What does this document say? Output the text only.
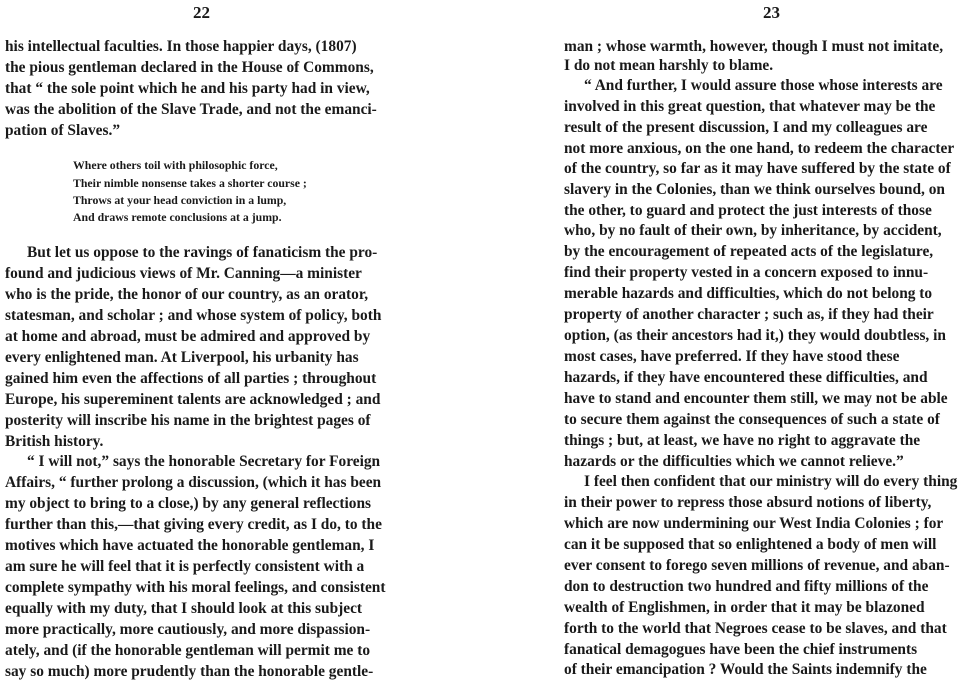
22
his intellectual faculties. In those happier days, (1807)
the pious gentleman declared in the House of Commons,
that “ the sole point which he and his party had in view,
was the abolition of the Slave Trade, and not the emanci-
pation of Slaves.”
Where others toil with philosophic force,
Their nimble nonsense takes a shorter course ;
Throws at your head conviction in a lump,
And draws remote conclusions at a jump.
But let us oppose to the ravings of fanaticism the pro-
found and judicious views of Mr. Canning—a minister
who is the pride, the honor of our country, as an orator,
statesman, and scholar ; and whose system of policy, both
at home and abroad, must be admired and approved by
every enlightened man. At Liverpool, his urbanity has
gained him even the affections of all parties ; throughout
Europe, his supereminent talents are acknowledged ; and
posterity will inscribe his name in the brightest pages of
British history.
“ I will not,” says the honorable Secretary for Foreign
Affairs, “ further prolong a discussion, (which it has been
my object to bring to a close,) by any general reflections
further than this,—that giving every credit, as I do, to the
motives which have actuated the honorable gentleman, I
am sure he will feel that it is perfectly consistent with a
complete sympathy with his moral feelings, and consistent
equally with my duty, that I should look at this subject
more practically, more cautiously, and more dispassion-
ately, and (if the honorable gentleman will permit me to
say so much) more prudently than the honorable gentle-
23
man ; whose warmth, however, though I must not imitate,
I do not mean harshly to blame.
“ And further, I would assure those whose interests are
involved in this great question, that whatever may be the
result of the present discussion, I and my colleagues are
not more anxious, on the one hand, to redeem the character
of the country, so far as it may have suffered by the state of
slavery in the Colonies, than we think ourselves bound, on
the other, to guard and protect the just interests of those
who, by no fault of their own, by inheritance, by accident,
by the encouragement of repeated acts of the legislature,
find their property vested in a concern exposed to innu-
merable hazards and difficulties, which do not belong to
property of another character ; such as, if they had their
option, (as their ancestors had it,) they would doubtless, in
most cases, have preferred. If they have stood these
hazards, if they have encountered these difficulties, and
have to stand and encounter them still, we may not be able
to secure them against the consequences of such a state of
things ; but, at least, we have no right to aggravate the
hazards or the difficulties which we cannot relieve.”
I feel then confident that our ministry will do every thing
in their power to repress those absurd notions of liberty,
which are now undermining our West India Colonies ; for
can it be supposed that so enlightened a body of men will
ever consent to forego seven millions of revenue, and aban-
don to destruction two hundred and fifty millions of the
wealth of Englishmen, in order that it may be blazoned
forth to the world that Negroes cease to be slaves, and that
fanatical demagogues have been the chief instruments
of their emancipation ? Would the Saints indemnify the
